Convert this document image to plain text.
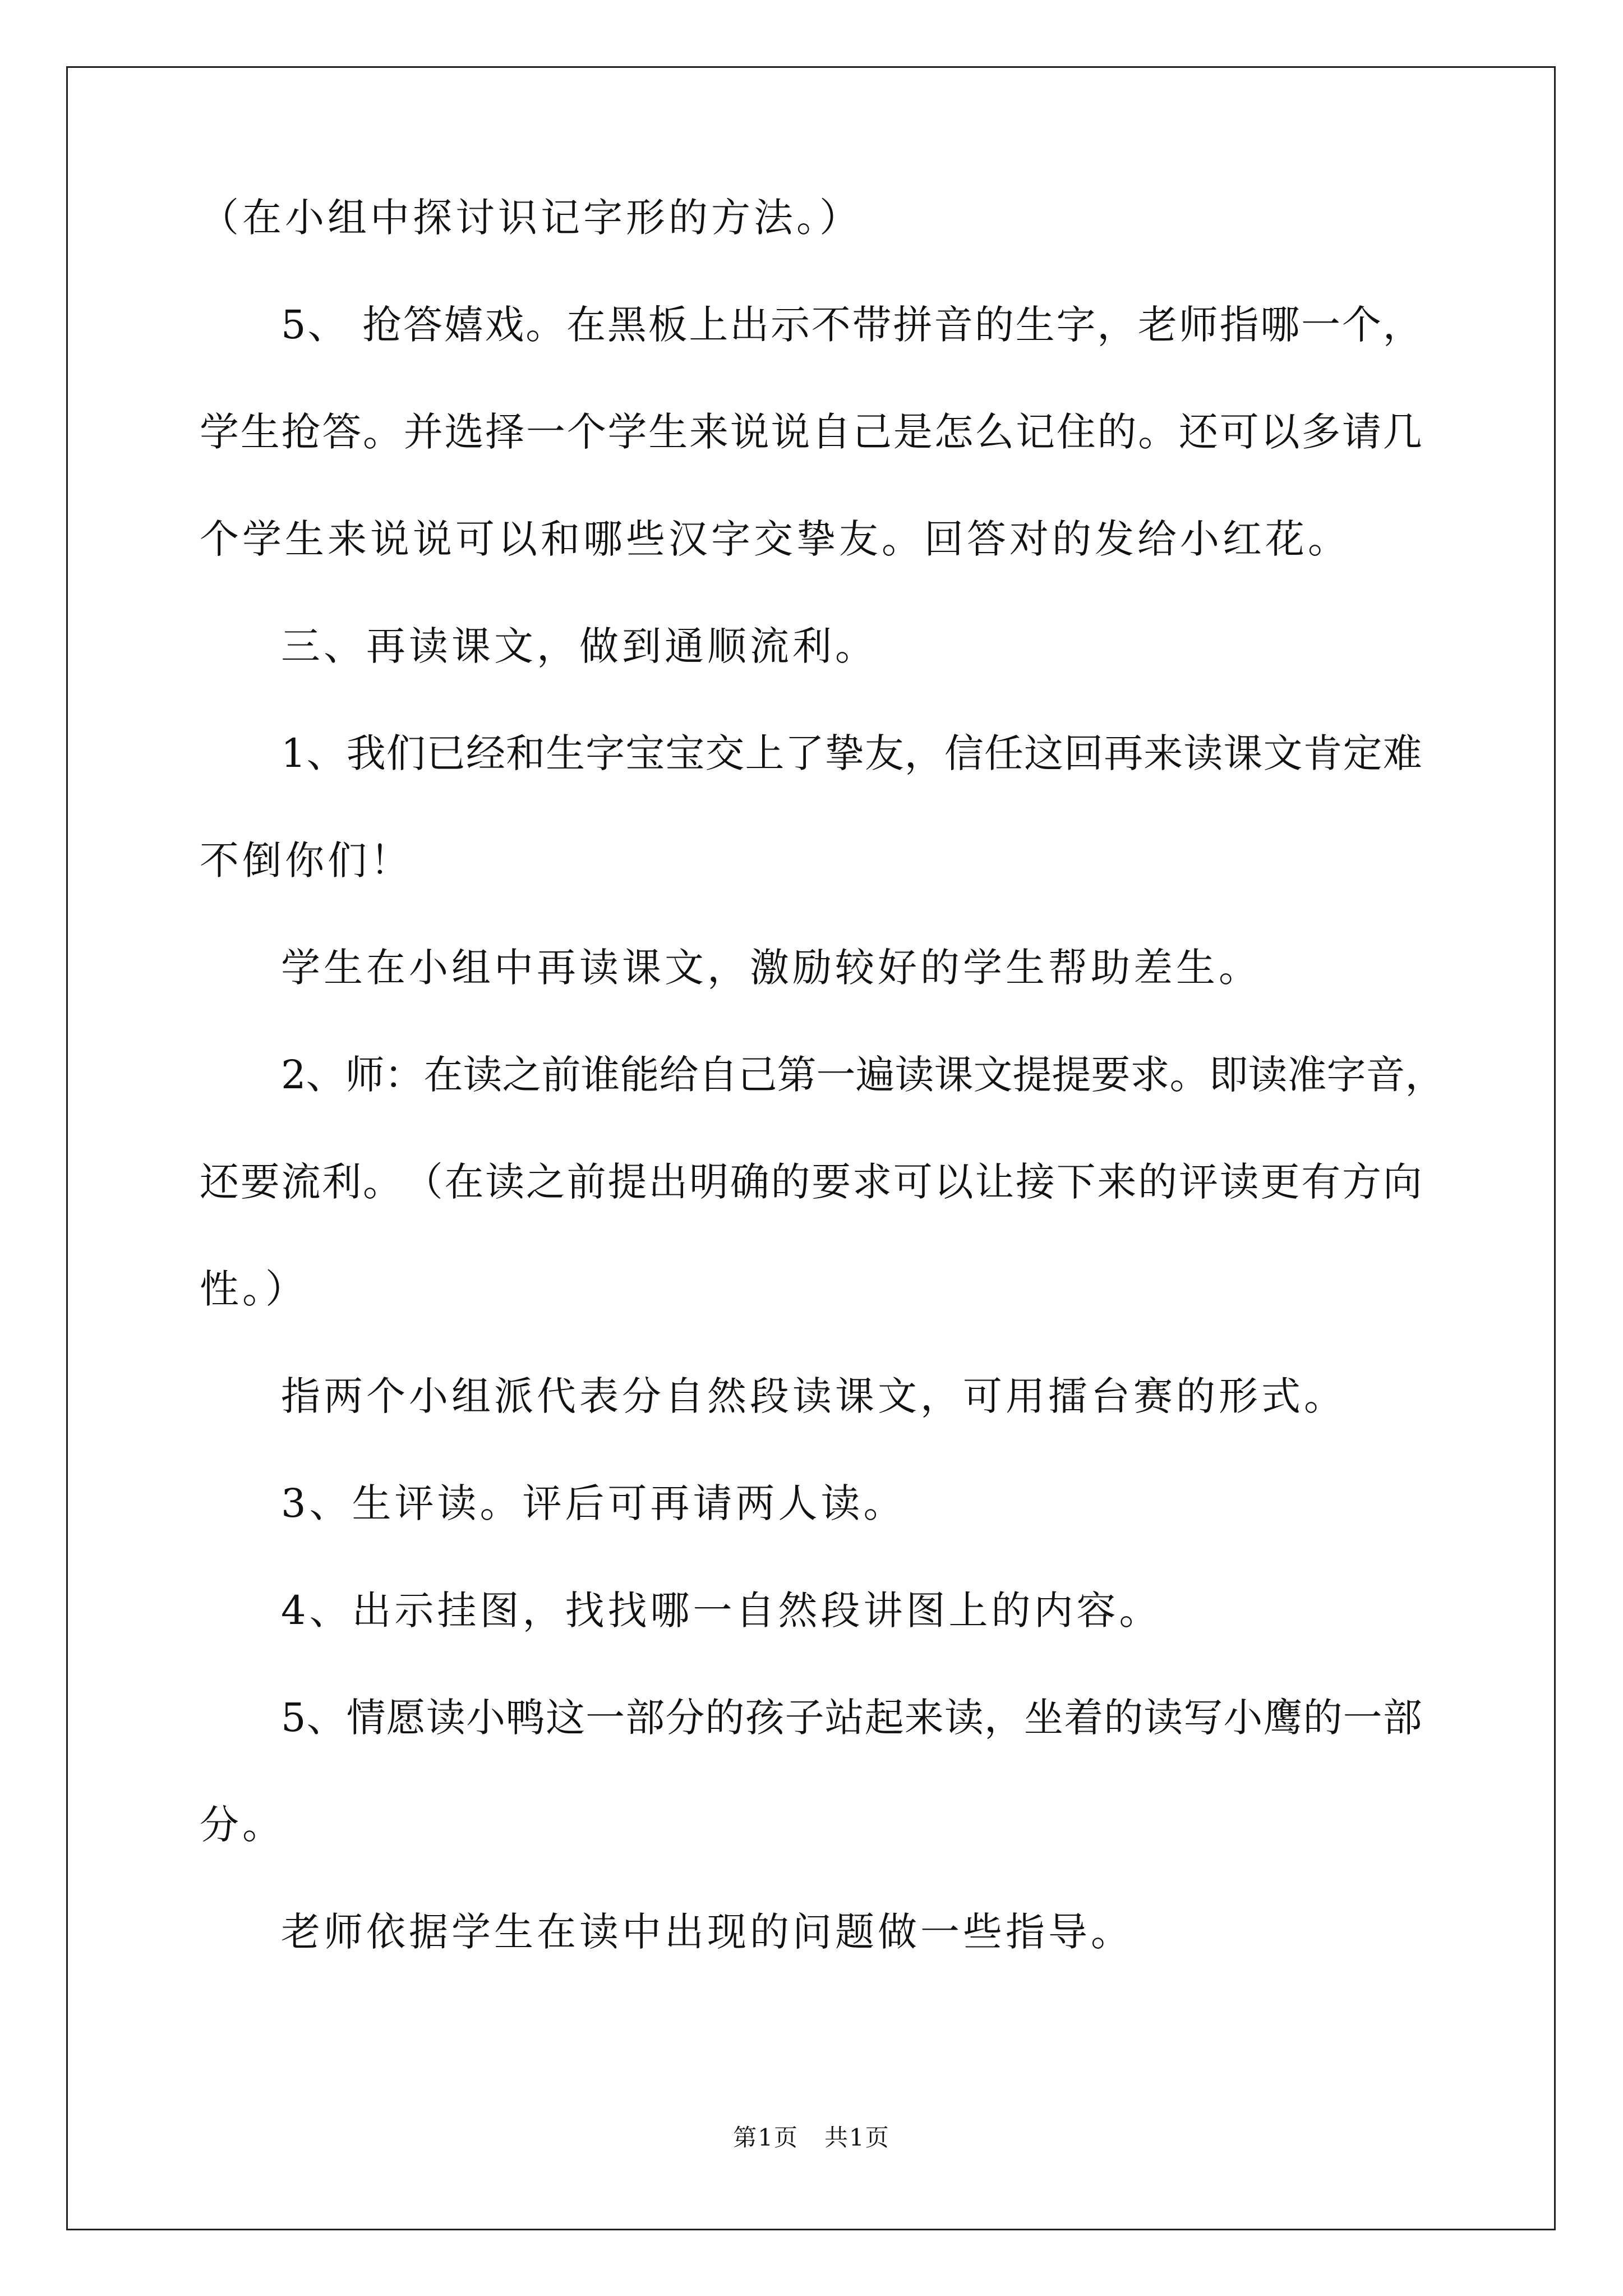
（在小组中探讨识记字形的方法。）
5 、
抢 答 嬉 戏 。 在 黑 板 上 出 示 不 带 拼 音 的 生 字 ， 老 师 指 哪 一 个 ，
学 生 抢 答 。 并 选 择 一 个 学 生 来 说 说 自 己 是 怎 么 记 住 的 。 还 可 以 多 请 几
个学生来说说可以和哪些汉字交挚友。回答对的发给小红花。
三、再读课文，做到通顺流利。
1 、 我 们 已 经 和 生 字 宝 宝 交 上 了 挚 友 ， 信 任 这 回 再 来 读 课 文 肯 定 难
不倒你们！
学生在小组中再读课文，激励较好的学生帮助差生。
2 、 师 ： 在 读 之 前 谁 能 给 自 己 第 一 遍 读 课 文 提 提 要 求 。 即 读 准 字 音 ，
还 要 流 利 。 （ 在 读 之 前 提 出 明 确 的 要 求 可 以 让 接 下 来 的 评 读 更 有 方 向
性。）
指两个小组派代表分自然段读课文，可用擂台赛的形式。
3、生评读。评后可再请两人读。
4、出示挂图，找找哪一自然段讲图上的内容。
5 、 情 愿 读 小 鸭 这 一 部 分 的 孩 子 站 起 来 读 ， 坐 着 的 读 写 小 鹰 的 一 部
分。
老师依据学生在读中出现的问题做一些指导。
第1页 共1页
